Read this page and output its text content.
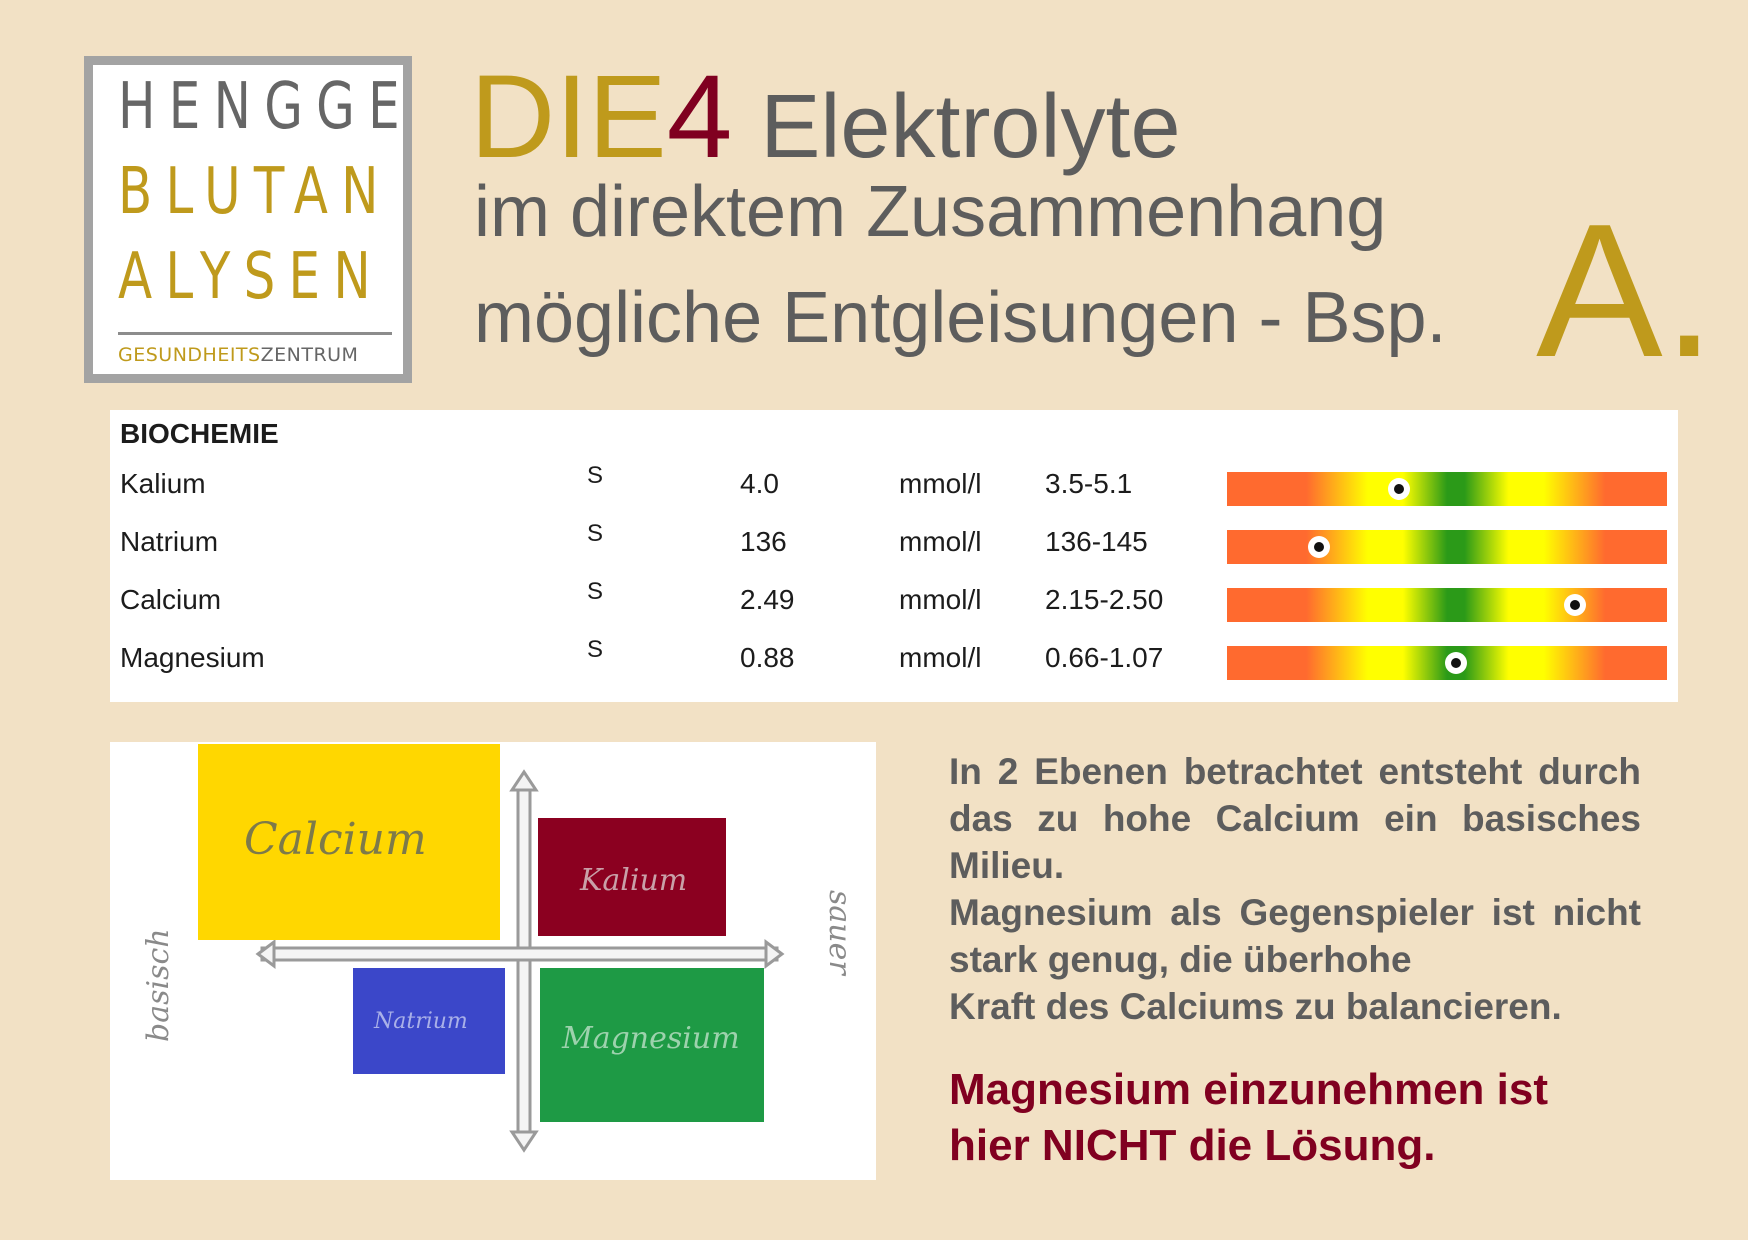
HENGGE
BLUTAN
ALYSEN
GESUNDHEITSZENTRUM
DIE4 Elektrolyte
im direktem Zusammenhang
mögliche Entgleisungen - Bsp. A.
BIOCHEMIE
Kalium	S	4.0	mmol/l 3.5-5.1
Natrium	S	136	mmol/l 136-145
Calcium	S	2.49	mmol/l 2.15-2.50
Magnesium	S	0.88	mmol/l 0.66-1.07
Calcium
Kalium
Natrium	Magnesium
basisch	sauer

In 2 Ebenen betrachtet entsteht durch das zu hohe Calcium ein basisches Milieu.

Magnesium als Gegenspieler ist nicht stark genug, die überhohe

Kraft des Calciums zu balancieren.

Magnesium einzunehmen ist

hier NICHT die Lösung.
